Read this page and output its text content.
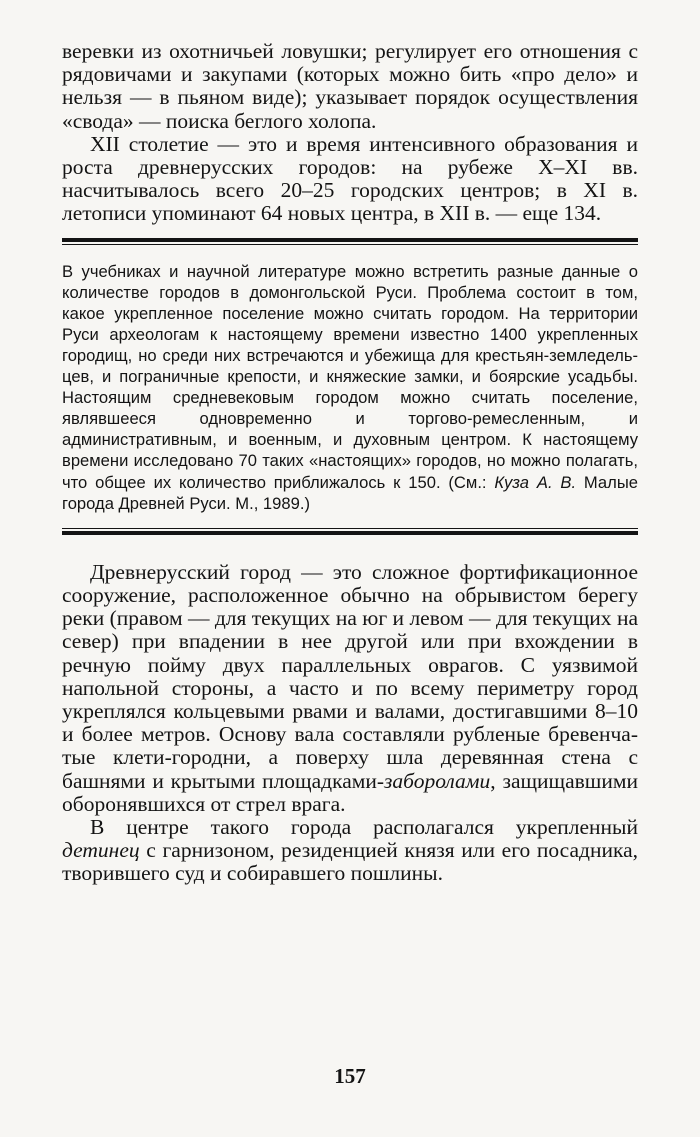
веревки из охотничьей ловушки; регулирует его отношения с рядовичами и закупами (которых можно бить «про дело» и нельзя — в пьяном виде); указывает порядок осуществления «свода» — поиска беглого холопа.

XII столетие — это и время интенсивного образования и роста древнерусских городов: на рубеже X–XI вв. насчитывалось всего 20–25 городских центров; в XI в. летописи упоминают 64 новых центра, в XII в. — еще 134.

В учебниках и научной литературе можно встретить разные данные о количестве городов в домонгольской Руси. Проблема состоит в том, какое укрепленное поселение можно считать городом. На территории Руси археологам к настоящему времени известно 1400 укрепленных городищ, но среди них встречаются и убежища для крестьян-земледельцев, и пограничные крепости, и княжеские замки, и боярские усадьбы. Настоящим средневековым городом можно считать поселение, являвшееся одновременно и торгово-ремесленным, и административным, и военным, и духовным центром. К настоящему времени исследовано 70 таких «настоящих» городов, но можно полагать, что общее их количество приближалось к 150. (См.: Куза А. В. Малые города Древней Руси. М., 1989.)

Древнерусский город — это сложное фортификационное сооружение, расположенное обычно на обрывистом берегу реки (правом — для текущих на юг и левом — для текущих на север) при впадении в нее другой или при вхождении в речную пойму двух параллельных оврагов. С уязвимой напольной стороны, а часто и по всему периметру город укреплялся кольцевыми рвами и валами, достигавшими 8–10 и более метров. Основу вала составляли рубленые бревенчатые клети-городни, а поверху шла деревянная стена с башнями и крытыми площадками-заборолами, защищавшими оборонявшихся от стрел врага.

В центре такого города располагался укрепленный детинец с гарнизоном, резиденцией князя или его посадника, творившего суд и собиравшего пошлины.

157
